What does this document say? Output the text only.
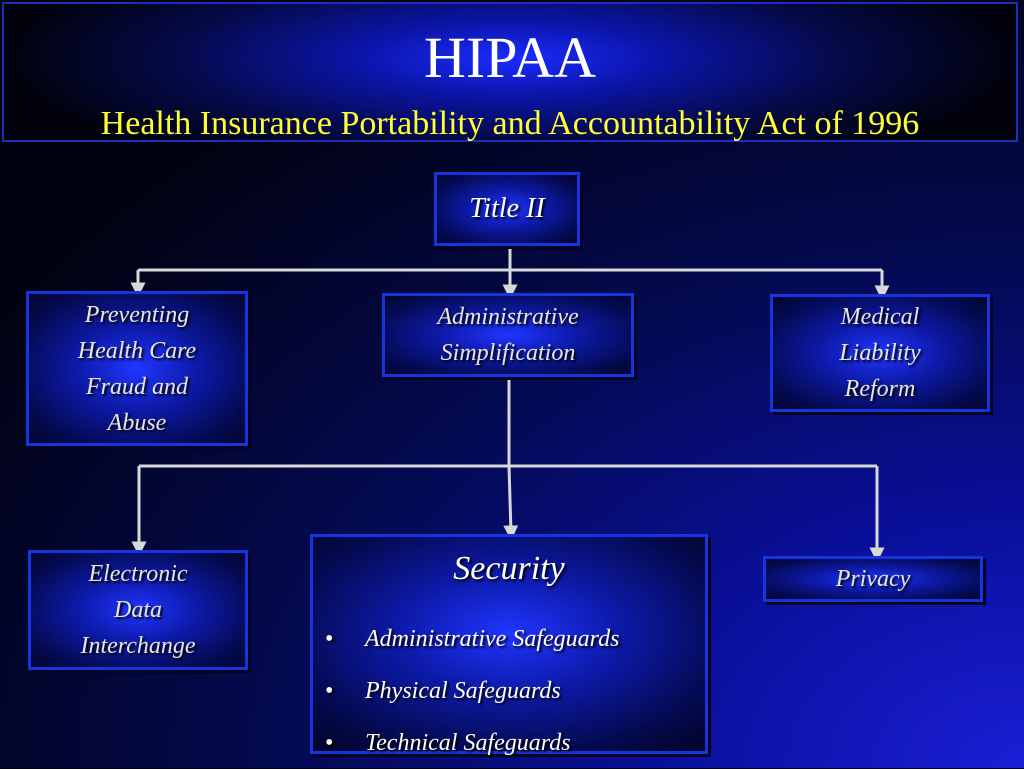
HIPAA
Health Insurance Portability and Accountability Act of 1996
Title II
Preventing
Health Care
Fraud and
Abuse
Administrative
Simplification
Medical
Liability
Reform
Electronic
Data
Interchange
Security
• Administrative Safeguards
• Physical Safeguards
• Technical Safeguards
Privacy
